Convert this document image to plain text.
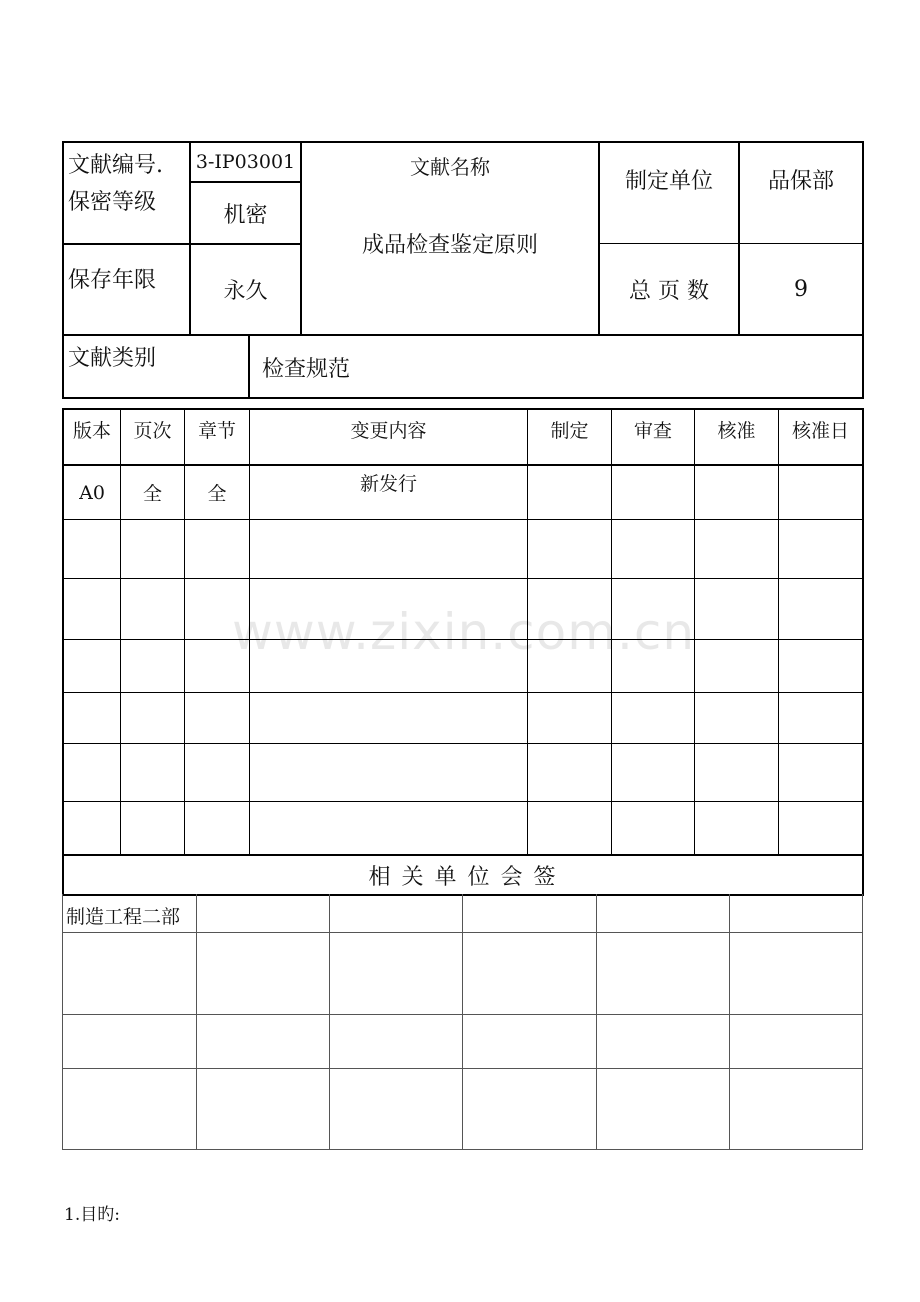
文献编号.	3-IP03001
保密等级	机密
保存年限	永久
文献名称
成品检查鉴定原则
制定单位	品保部
总 页 数	9
文献类别	检查规范
版本	页次	章节	变更内容	制定	审查	核准	核准日
A0	全	全	新发行
相 关 单 位 会 签
制造工程二部
www.zixin.com.cn
1.目旳:
